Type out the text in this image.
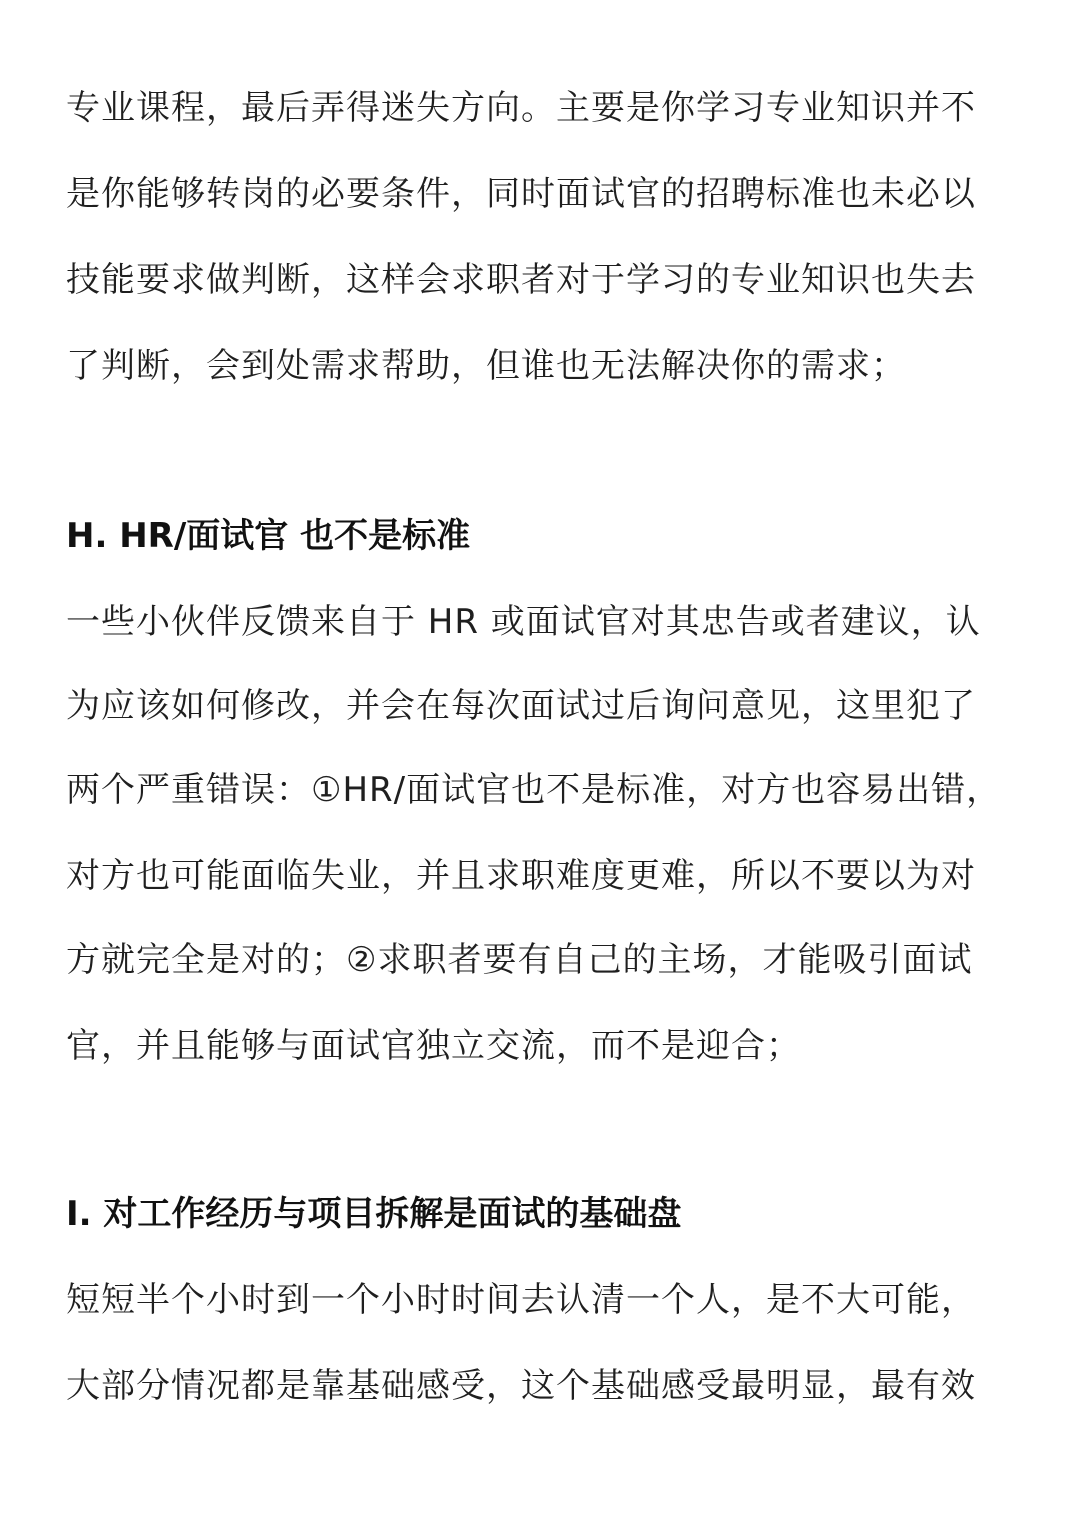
专业课程，最后弄得迷失方向。主要是你学习专业知识并不
是你能够转岗的必要条件，同时面试官的招聘标准也未必以
技能要求做判断，这样会求职者对于学习的专业知识也失去
了判断，会到处需求帮助，但谁也无法解决你的需求；
H. HR/面试官 也不是标准
一些小伙伴反馈来自于 HR 或面试官对其忠告或者建议，认
为应该如何修改，并会在每次面试过后询问意见，这里犯了
两个严重错误：①HR/面试官也不是标准，对方也容易出错，
对方也可能面临失业，并且求职难度更难，所以不要以为对
方就完全是对的；②求职者要有自己的主场，才能吸引面试
官，并且能够与面试官独立交流，而不是迎合；
I. 对工作经历与项目拆解是面试的基础盘
短短半个小时到一个小时时间去认清一个人，是不大可能，
大部分情况都是靠基础感受，这个基础感受最明显，最有效
